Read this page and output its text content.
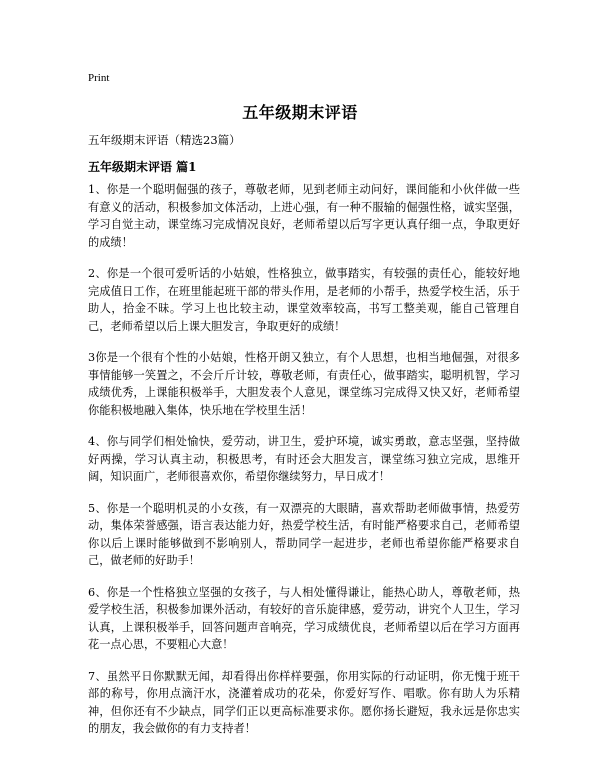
Print
五年级期末评语

五年级期末评语（精选23篇）

五年级期末评语 篇1

1、你是一个聪明倔强的孩子，尊敬老师，见到老师主动问好，课间能和小伙伴做一些有意义的活动，积极参加文体活动，上进心强，有一种不服输的倔强性格，诚实坚强，学习自觉主动，课堂练习完成情况良好，老师希望以后写字更认真仔细一点，争取更好的成绩！

2、你是一个很可爱听话的小姑娘，性格独立，做事踏实，有较强的责任心，能较好地完成值日工作，在班里能起班干部的带头作用，是老师的小帮手，热爱学校生活，乐于助人，拾金不昧。学习上也比较主动，课堂效率较高，书写工整美观，能自己管理自己，老师希望以后上课大胆发言，争取更好的成绩！

3你是一个很有个性的小姑娘，性格开朗又独立，有个人思想，也相当地倔强，对很多事情能够一笑置之，不会斤斤计较，尊敬老师，有责任心，做事踏实，聪明机智，学习成绩优秀，上课能积极举手，大胆发表个人意见，课堂练习完成得又快又好，老师希望你能积极地融入集体，快乐地在学校里生活！

4、你与同学们相处愉快，爱劳动，讲卫生，爱护环境，诚实勇敢，意志坚强，坚持做好两操，学习认真主动，积极思考，有时还会大胆发言，课堂练习独立完成，思维开阔，知识面广，老师很喜欢你，希望你继续努力，早日成才！

5、你是一个聪明机灵的小女孩，有一双漂亮的大眼睛，喜欢帮助老师做事情，热爱劳动，集体荣誉感强，语言表达能力好，热爱学校生活，有时能严格要求自己，老师希望你以后上课时能够做到不影响别人，帮助同学一起进步，老师也希望你能严格要求自己，做老师的好助手！

6、你是一个性格独立坚强的女孩子，与人相处懂得谦让，能热心助人，尊敬老师，热爱学校生活，积极参加课外活动，有较好的音乐旋律感，爱劳动，讲究个人卫生，学习认真，上课积极举手，回答问题声音响亮，学习成绩优良，老师希望以后在学习方面再花一点心思，不要粗心大意！

7、虽然平日你默默无闻，却看得出你样样要强，你用实际的行动证明，你无愧于班干部的称号，你用点滴汗水，浇灌着成功的花朵，你爱好写作、唱歌。你有助人为乐精神，但你还有不少缺点，同学们正以更高标准要求你。愿你扬长避短，我永远是你忠实的朋友，我会做你的有力支持者！
